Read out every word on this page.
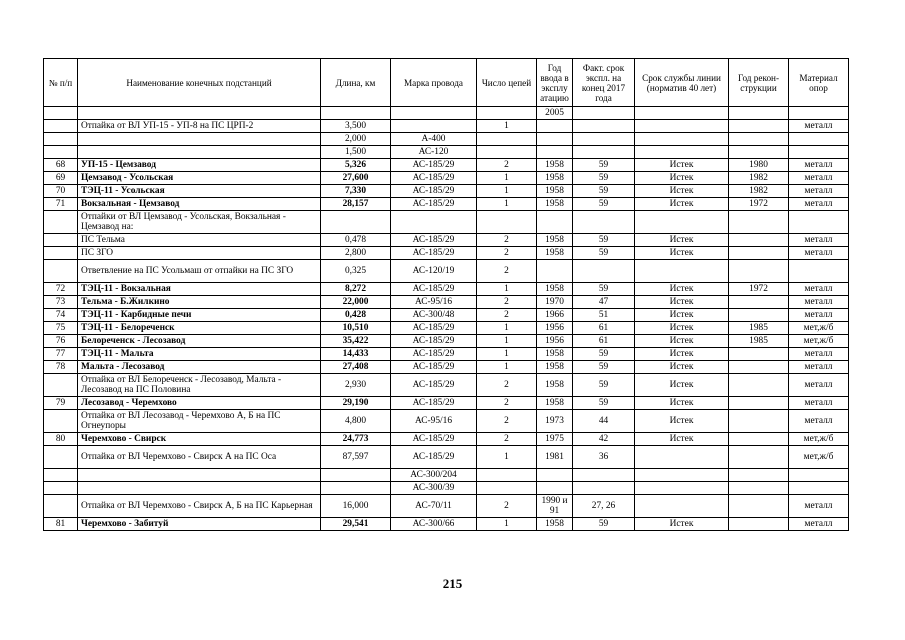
№ п/п	Наименование конечных подстанций	Длина, км	Марка провода	Число цепей	Год ввода в эксплу атацию	Факт. срок экспл. на конец 2017 года	Срок службы линии (норматив 40 лет)	Год рекон- струкции	Материал опор
					2005				
	Отпайка от ВЛ УП-15 - УП-8 на ПС ЦРП-2	3,500		1					металл
		2,000	А-400						
		1,500	АС-120						
68	УП-15 - Цемзавод	5,326	АС-185/29	2	1958	59	Истек	1980	металл
69	Цемзавод - Усольская	27,600	АС-185/29	1	1958	59	Истек	1982	металл
70	ТЭЦ-11 - Усольская	7,330	АС-185/29	1	1958	59	Истек	1982	металл
71	Вокзальная - Цемзавод	28,157	АС-185/29	1	1958	59	Истек	1972	металл
	Отпайки от ВЛ Цемзавод - Усольская, Вокзальная - Цемзавод на:								
	ПС Тельма	0,478	АС-185/29	2	1958	59	Истек		металл
	ПС ЗГО	2,800	АС-185/29	2	1958	59	Истек		металл
	Ответвление на ПС Усольмаш от отпайки на ПС ЗГО	0,325	АС-120/19	2					
72	ТЭЦ-11 - Вокзальная	8,272	АС-185/29	1	1958	59	Истек	1972	металл
73	Тельма - Б.Жилкино	22,000	АС-95/16	2	1970	47	Истек		металл
74	ТЭЦ-11 - Карбидные печи	0,428	АС-300/48	2	1966	51	Истек		металл
75	ТЭЦ-11 - Белореченск	10,510	АС-185/29	1	1956	61	Истек	1985	мет,ж/б
76	Белореченск - Лесозавод	35,422	АС-185/29	1	1956	61	Истек	1985	мет,ж/б
77	ТЭЦ-11 - Мальта	14,433	АС-185/29	1	1958	59	Истек		металл
78	Мальта - Лесозавод	27,408	АС-185/29	1	1958	59	Истек		металл
	Отпайка от ВЛ Белореченск - Лесозавод, Мальта - Лесозавод на ПС Половина	2,930	АС-185/29	2	1958	59	Истек		металл
79	Лесозавод - Черемхово	29,190	АС-185/29	2	1958	59	Истек		металл
	Отпайка от ВЛ Лесозавод - Черемхово А, Б на ПС Огнеупоры	4,800	АС-95/16	2	1973	44	Истек		металл
80	Черемхово - Свирск	24,773	АС-185/29	2	1975	42	Истек		мет,ж/б
	Отпайка от ВЛ Черемхово - Свирск А на ПС Оса	87,597	АС-185/29	1	1981	36			мет,ж/б
			АС-300/204						
			АС-300/39						
	Отпайка от ВЛ Черемхово - Свирск А, Б на ПС Карьерная	16,000	АС-70/11	2	1990 и 91	27, 26			металл
81	Черемхово - Забитуй	29,541	АС-300/66	1	1958	59	Истек		металл
215
